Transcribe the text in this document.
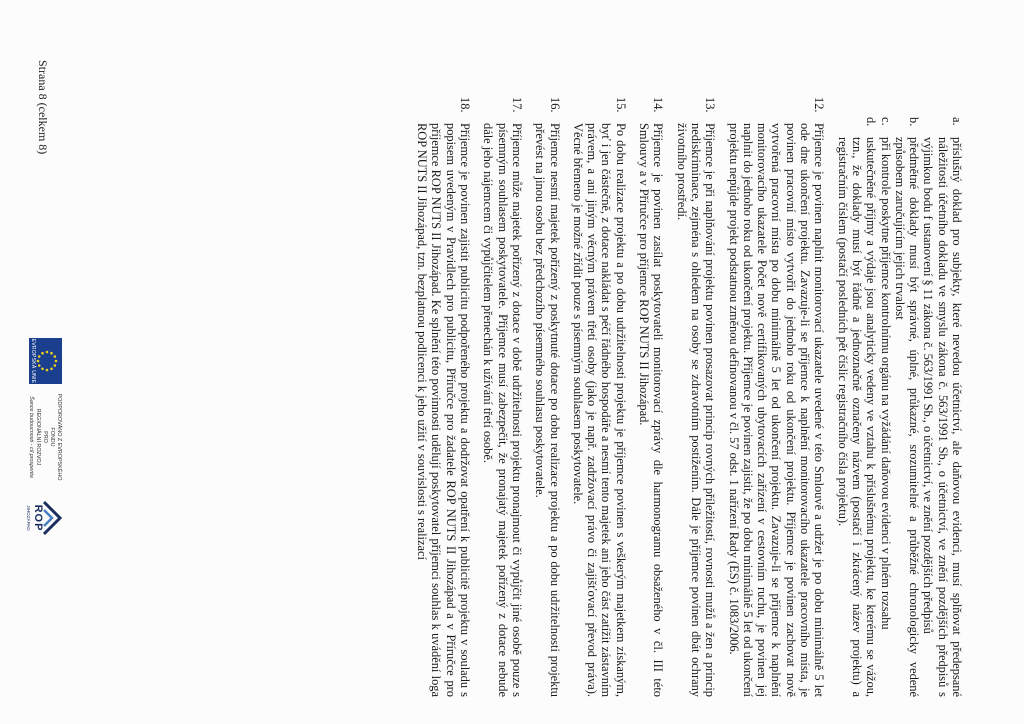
a.
příslušný doklad pro subjekty, které nevedou účetnictví, ale daňovou evidenci, musí splňovat předepsané náležitosti účetního dokladu ve smyslu zákona č. 563/1991 Sb., o účetnictví, ve znění pozdějších předpisů s výjimkou bodu f ustanovení § 11 zákona č. 563/1991 Sb., o účetnictví, ve znění pozdějších předpisů
b.
předmětné doklady musí být správné, úplné, průkazné, srozumitelné a průběžné chronologicky vedené způsobem zaručujícím jejich trvalost
c.
při kontrole poskytne příjemce kontrolnímu orgánu na vyžádání daňovou evidenci v plném rozsahu
d.
uskutečněné příjmy a výdaje jsou analyticky vedeny ve vztahu k příslušnému projektu, ke kterému se vážou, tzn., že doklady musí být řádně a jednoznačně označeny názvem (postačí i zkrácený název projektu) a registračním číslem (postačí posledních pět číslic registračního čísla projektu).
12.
Příjemce je povinen naplnit monitorovací ukazatele uvedené v této Smlouvě a udržet je po dobu minimálně 5 let ode dne ukončení projektu. Zavazuje-li se příjemce k naplnění monitorovacího ukazatele pracovního místa, je povinen pracovní místo vytvořit do jednoho roku od ukončení projektu. Příjemce je povinen zachovat nově vytvořená pracovní místa po dobu minimálně 5 let od ukončení projektu. Zavazuje-li se příjemce k naplnění monitorovacího ukazatele Počet nově certifikovaných ubytovacích zařízení v cestovním ruchu, je povinen jej naplnit do jednoho roku od ukončení projektu. Příjemce je povinen zajistit, že po dobu minimálně 5 let od ukončení projektu nepůjde projekt podstatnou změnou definovanou v čl. 57 odst. 1 nařízení Rady (ES) č. 1083/2006.
13.
Příjemce je při naplňování projektu povinen prosazovat princip rovných příležitostí, rovnosti mužů a žen a princip nediskriminace, zejména s ohledem na osoby se zdravotním postižením. Dále je příjemce povinen dbát ochrany životního prostředí.
14.
Příjemce je povinen zasílat poskytovateli monitorovací zprávy dle harmonogramu obsaženého v čl. III této Smlouvy a v Příručce pro příjemce ROP NUTS II Jihozápad.
15.
Po dobu realizace projektu a po dobu udržitelnosti projektu je příjemce povinen s veškerým majetkem získaným, byť i jen částečně, z dotace nakládat s péčí řádného hospodáře a nesmí tento majetek ani jeho část zatížit zástavním právem, a ani jiným věcným právem třetí osoby (jako je např. zadržovací právo či zajišťovací převod práva). Věcné břemeno je možné zřídit pouze s písemným souhlasem poskytovatele.
16.
Příjemce nesmí majetek pořízený z poskytnuté dotace po dobu realizace projektu a po dobu udržitelnosti projektu převést na jinou osobu bez předchozího písemného souhlasu poskytovatele.
17.
Příjemce může majetek pořízený z dotace v době udržitelnosti projektu pronajmout či vypůjčit jiné osobě pouze s písemným souhlasem poskytovatele. Příjemce musí zabezpečit, že pronajatý majetek pořízený z dotace nebude dále jeho nájemcem či vypůjčitelem přenechán k užívání třetí osobě.
18.
Příjemce je povinen zajistit publicitu podpořeného projektu a dodržovat opatření k publicitě projektu v souladu s popisem uvedeným v Pravidlech pro publicitu, Příručce pro žadatele ROP NUTS II Jihozápad a v Příručce pro příjemce ROP NUTS II Jihozápad. Ke splnění této povinnosti udělují poskytovatel příjemci souhlas k uvádění loga ROP NUTS II Jihozápad, tzn. bezplatnou podlicenci k jeho užití v souvislosti s realizací
Strana 8 (celkem 8)
EVROPSKÁ UNIE
PODPOROVÁNO Z EVROPSKÉHO FONDU
PRO
REGIONÁLNÍ ROZVOJ
Šance budoucnosti - cíl prosperita
ROP
JIHOZÁPAD
